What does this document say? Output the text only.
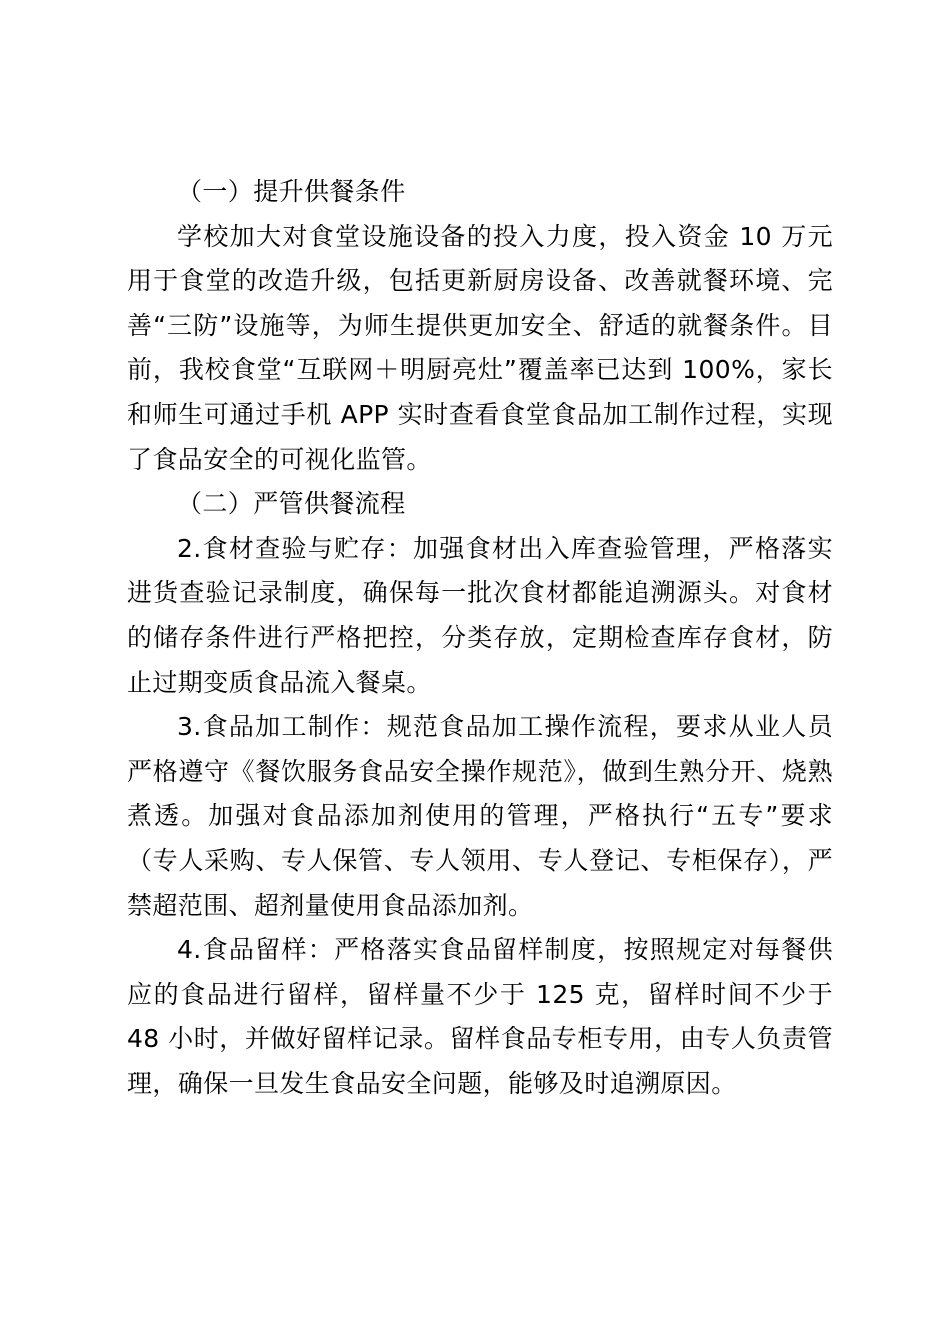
（一）提升供餐条件

学校加大对食堂设施设备的投入力度，投入资金 10 万元用于食堂的改造升级，包括更新厨房设备、改善就餐环境、完善“三防”设施等，为师生提供更加安全、舒适的就餐条件。目前，我校食堂“互联网＋明厨亮灶”覆盖率已达到 100%，家长和师生可通过手机 APP 实时查看食堂食品加工制作过程，实现了食品安全的可视化监管。

（二）严管供餐流程

2.食材查验与贮存：加强食材出入库查验管理，严格落实进货查验记录制度，确保每一批次食材都能追溯源头。对食材的储存条件进行严格把控，分类存放，定期检查库存食材，防止过期变质食品流入餐桌。

3.食品加工制作：规范食品加工操作流程，要求从业人员严格遵守《餐饮服务食品安全操作规范》，做到生熟分开、烧熟煮透。加强对食品添加剂使用的管理，严格执行“五专”要求（专人采购、专人保管、专人领用、专人登记、专柜保存），严禁超范围、超剂量使用食品添加剂。

4.食品留样：严格落实食品留样制度，按照规定对每餐供应的食品进行留样，留样量不少于 125 克，留样时间不少于 48 小时，并做好留样记录。留样食品专柜专用，由专人负责管理，确保一旦发生食品安全问题，能够及时追溯原因。
